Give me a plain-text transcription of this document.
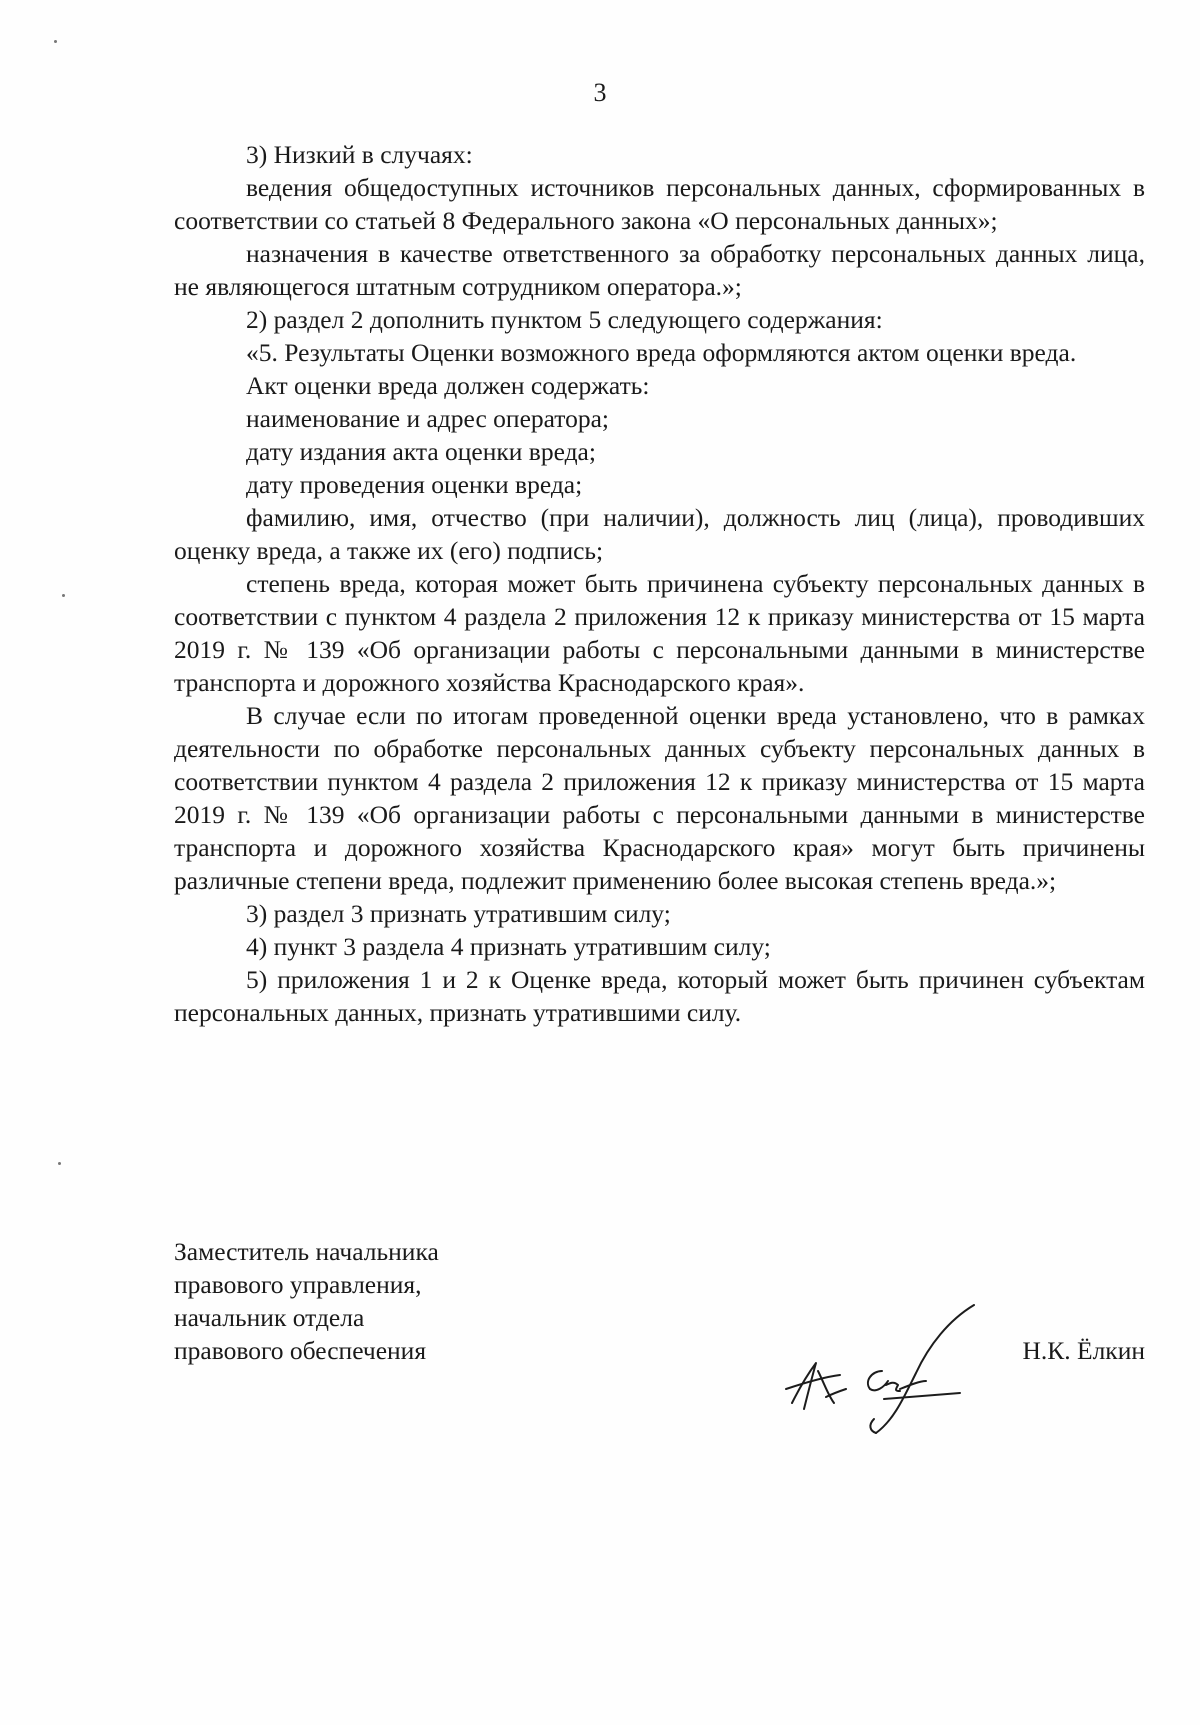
3

3) Низкий в случаях:

ведения общедоступных источников персональных данных, сформированных в соответствии со статьей 8 Федерального закона «О персональных данных»;

назначения в качестве ответственного за обработку персональных данных лица, не являющегося штатным сотрудником оператора.»;

2) раздел 2 дополнить пунктом 5 следующего содержания:

«5. Результаты Оценки возможного вреда оформляются актом оценки вреда.

Акт оценки вреда должен содержать:

наименование и адрес оператора;

дату издания акта оценки вреда;

дату проведения оценки вреда;

фамилию, имя, отчество (при наличии), должность лиц (лица), проводивших оценку вреда, а также их (его) подпись;

степень вреда, которая может быть причинена субъекту персональных данных в соответствии с пунктом 4 раздела 2 приложения 12 к приказу министерства от 15 марта 2019 г. № 139 «Об организации работы с персональными данными в министерстве транспорта и дорожного хозяйства Краснодарского края».

В случае если по итогам проведенной оценки вреда установлено, что в рамках деятельности по обработке персональных данных субъекту персональных данных в соответствии пунктом 4 раздела 2 приложения 12 к приказу министерства от 15 марта 2019 г. № 139 «Об организации работы с персональными данными в министерстве транспорта и дорожного хозяйства Краснодарского края» могут быть причинены различные степени вреда, подлежит применению более высокая степень вреда.»;

3) раздел 3 признать утратившим силу;

4) пункт 3 раздела 4 признать утратившим силу;

5) приложения 1 и 2 к Оценке вреда, который может быть причинен субъектам персональных данных, признать утратившими силу.

Заместитель начальника
правового управления,
начальник отдела
правового обеспечения	Н.К. Ёлкин
